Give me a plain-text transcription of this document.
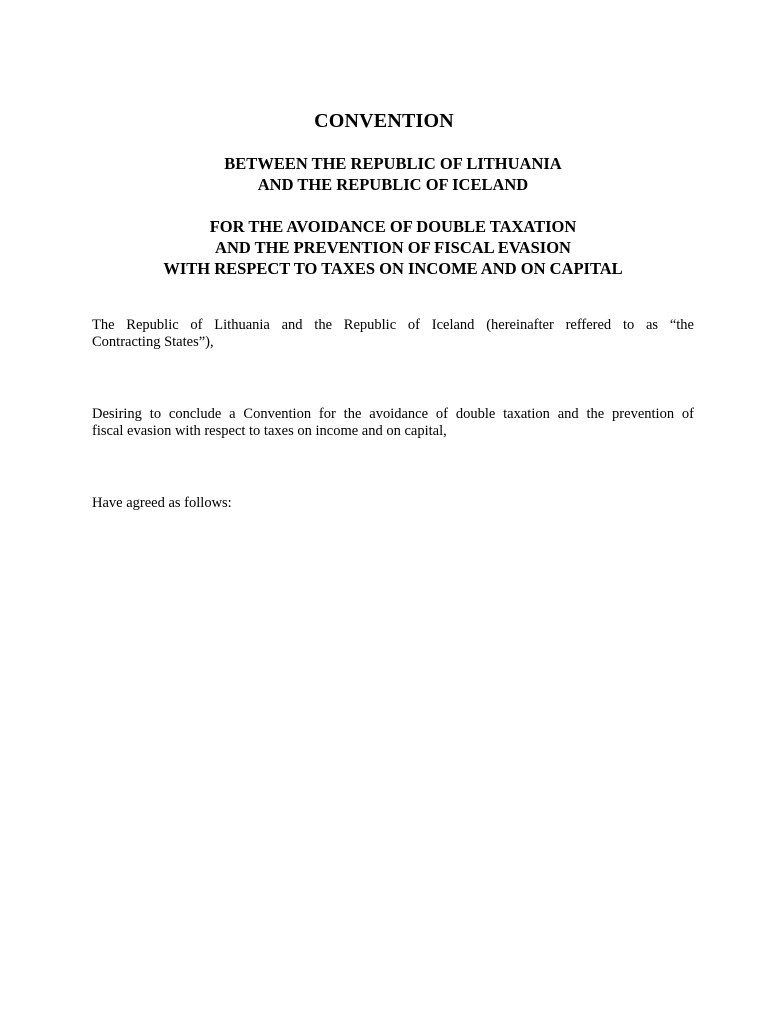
CONVENTION
BETWEEN THE REPUBLIC OF LITHUANIA
AND THE REPUBLIC OF ICELAND
FOR THE AVOIDANCE OF DOUBLE TAXATION
AND THE PREVENTION OF FISCAL EVASION
WITH RESPECT TO TAXES ON INCOME AND ON CAPITAL
The Republic of Lithuania and the Republic of Iceland (hereinafter reffered to as “the
Contracting States”),
Desiring to conclude a Convention for the avoidance of double taxation and the prevention of
fiscal evasion with respect to taxes on income and on capital,
Have agreed as follows:
